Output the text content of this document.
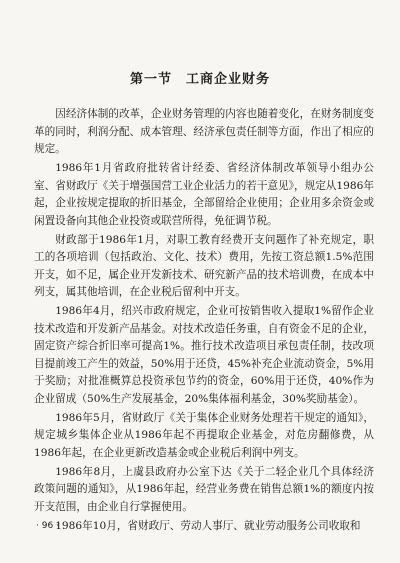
第一节　工商企业财务

因经济体制的改革，企业财务管理的内容也随着变化，在财务制度变革的同时，利润分配、成本管理、经济承包责任制等方面，作出了相应的规定。

1986年1月省政府批转省计经委、省经济体制改革领导小组办公室、省财政厅《关于增强国营工业企业活力的若干意见》，规定从1986年起，企业按规定提取的折旧基金，全部留给企业使用；企业用多余资金或闲置设备向其他企业投资或联营所得，免征调节税。

财政部于1986年1月，对职工教育经费开支问题作了补充规定，职工的各项培训（包括政治、文化、技术）费用，先按工资总额1.5%范围开支，如不足，属企业开发新技术、研究新产品的技术培训费，在成本中列支，属其他培训，在企业税后留利中开支。

1986年4月，绍兴市政府规定，企业可按销售收入提取1%留作企业技术改造和开发新产品基金。对技术改造任务重，自有资金不足的企业，固定资产综合折旧率可提高1%。推行技术改造项目承包责任制，技改项目提前竣工产生的效益，50%用于还贷，45%补充企业流动资金，5%用于奖励；对批准概算总投资承包节约的资金，60%用于还贷，40%作为企业留成（50%生产发展基金，20%集体福利基金，30%奖励基金）。

1986年5月，省财政厅《关于集体企业财务处理若干规定的通知》，规定城乡集体企业从1986年起不再提取企业基金，对危房翻修费，从1986年起，在企业更新改造基金或企业税后利润中列支。

1986年8月，上虞县政府办公室下达《关于二轻企业几个具体经济政策问题的通知》，从1986年起，经营业务费在销售总额1%的额度内按开支范围，由企业自行掌握使用。

1986年10月，省财政厅、劳动人事厅、就业劳动服务公司收取和

· 96 ·
